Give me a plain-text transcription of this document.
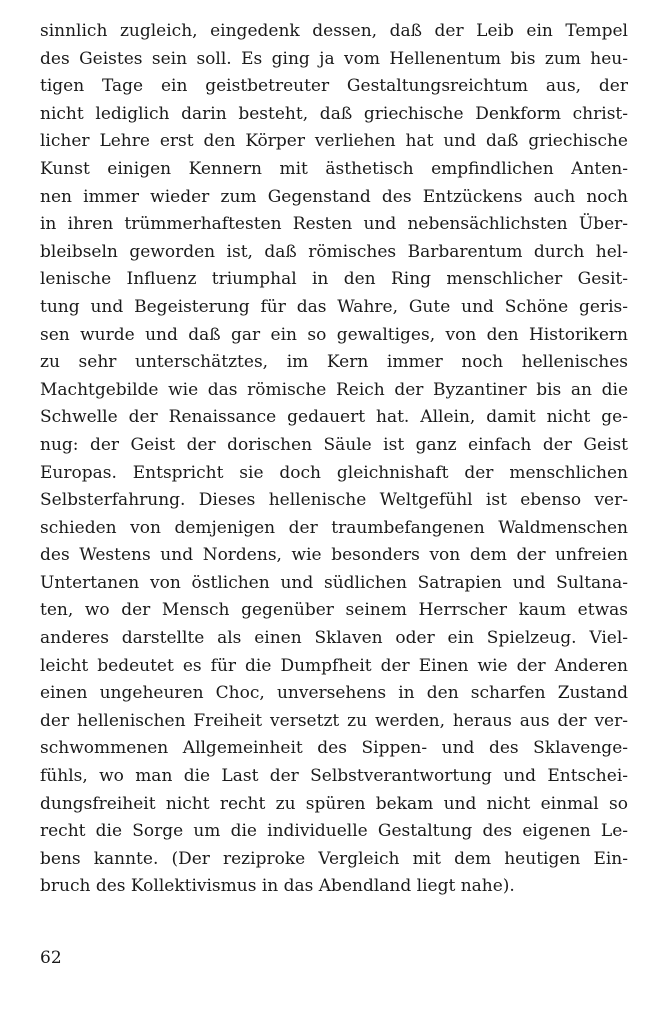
sinnlich zugleich, eingedenk dessen, daß der Leib ein Tempel
des Geistes sein soll. Es ging ja vom Hellenentum bis zum heu-
tigen Tage ein geistbetreuter Gestaltungsreichtum aus, der
nicht lediglich darin besteht, daß griechische Denkform christ-
licher Lehre erst den Körper verliehen hat und daß griechische
Kunst einigen Kennern mit ästhetisch empfindlichen Anten-
nen immer wieder zum Gegenstand des Entzückens auch noch
in ihren trümmerhaftesten Resten und nebensächlichsten Über-
bleibseln geworden ist, daß römisches Barbarentum durch hel-
lenische Influenz triumphal in den Ring menschlicher Gesit-
tung und Begeisterung für das Wahre, Gute und Schöne geris-
sen wurde und daß gar ein so gewaltiges, von den Historikern
zu sehr unterschätztes, im Kern immer noch hellenisches
Machtgebilde wie das römische Reich der Byzantiner bis an die
Schwelle der Renaissance gedauert hat. Allein, damit nicht ge-
nug: der Geist der dorischen Säule ist ganz einfach der Geist
Europas. Entspricht sie doch gleichnishaft der menschlichen
Selbsterfahrung. Dieses hellenische Weltgefühl ist ebenso ver-
schieden von demjenigen der traumbefangenen Waldmenschen
des Westens und Nordens, wie besonders von dem der unfreien
Untertanen von östlichen und südlichen Satrapien und Sultana-
ten, wo der Mensch gegenüber seinem Herrscher kaum etwas
anderes darstellte als einen Sklaven oder ein Spielzeug. Viel-
leicht bedeutet es für die Dumpfheit der Einen wie der Anderen
einen ungeheuren Choc, unversehens in den scharfen Zustand
der hellenischen Freiheit versetzt zu werden, heraus aus der ver-
schwommenen Allgemeinheit des Sippen- und des Sklavenge-
fühls, wo man die Last der Selbstverantwortung und Entschei-
dungsfreiheit nicht recht zu spüren bekam und nicht einmal so
recht die Sorge um die individuelle Gestaltung des eigenen Le-
bens kannte. (Der reziproke Vergleich mit dem heutigen Ein-
bruch des Kollektivismus in das Abendland liegt nahe).
62
